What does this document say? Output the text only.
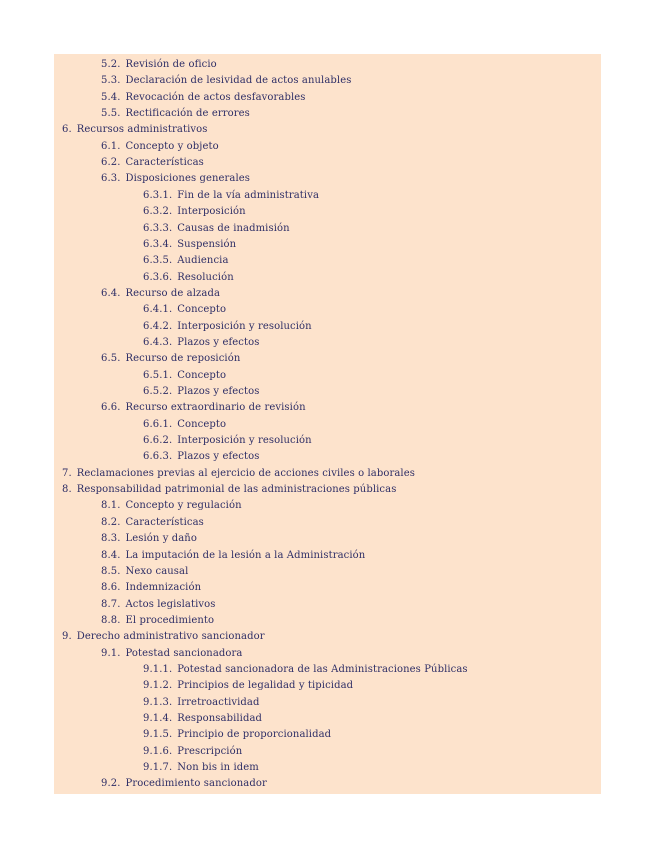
5.2. Revisión de oficio
5.3. Declaración de lesividad de actos anulables
5.4. Revocación de actos desfavorables
5.5. Rectificación de errores
6. Recursos administrativos
6.1. Concepto y objeto
6.2. Características
6.3. Disposiciones generales
6.3.1. Fin de la vía administrativa
6.3.2. Interposición
6.3.3. Causas de inadmisión
6.3.4. Suspensión
6.3.5. Audiencia
6.3.6. Resolución
6.4. Recurso de alzada
6.4.1. Concepto
6.4.2. Interposición y resolución
6.4.3. Plazos y efectos
6.5. Recurso de reposición
6.5.1. Concepto
6.5.2. Plazos y efectos
6.6. Recurso extraordinario de revisión
6.6.1. Concepto
6.6.2. Interposición y resolución
6.6.3. Plazos y efectos
7. Reclamaciones previas al ejercicio de acciones civiles o laborales
8. Responsabilidad patrimonial de las administraciones públicas
8.1. Concepto y regulación
8.2. Características
8.3. Lesión y daño
8.4. La imputación de la lesión a la Administración
8.5. Nexo causal
8.6. Indemnización
8.7. Actos legislativos
8.8. El procedimiento
9. Derecho administrativo sancionador
9.1. Potestad sancionadora
9.1.1. Potestad sancionadora de las Administraciones Públicas
9.1.2. Principios de legalidad y tipicidad
9.1.3. Irretroactividad
9.1.4. Responsabilidad
9.1.5. Principio de proporcionalidad
9.1.6. Prescripción
9.1.7. Non bis in idem
9.2. Procedimiento sancionador
